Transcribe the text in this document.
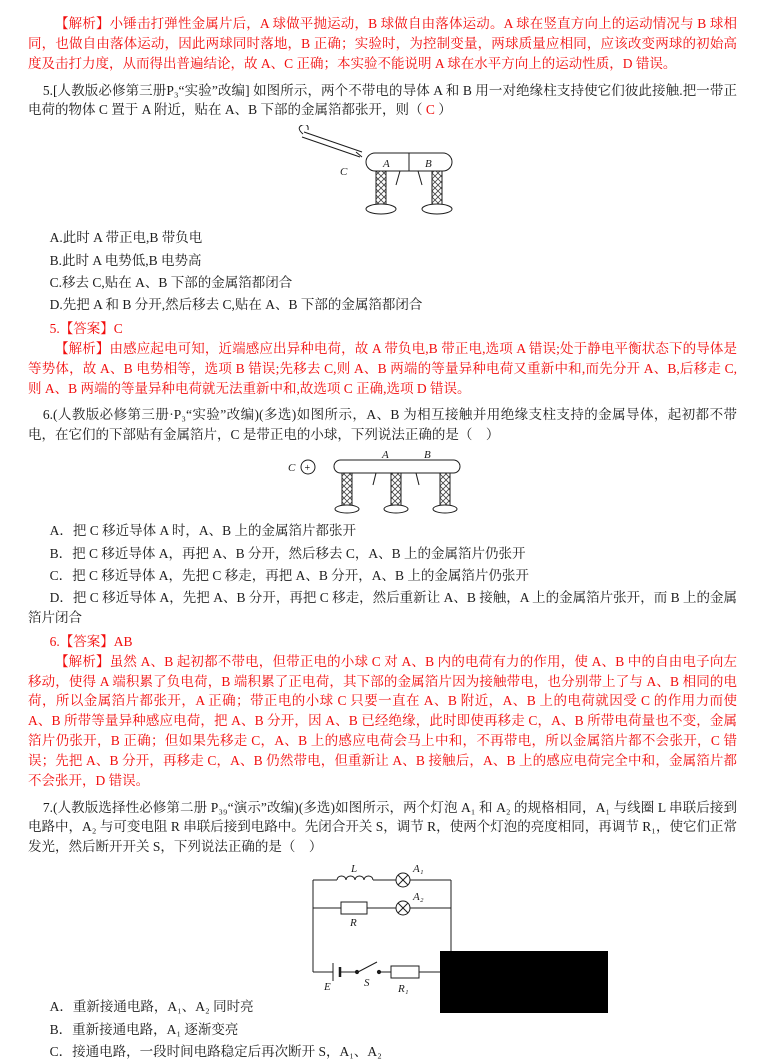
【解析】小锤击打弹性金属片后，A 球做平抛运动，B 球做自由落体运动。A 球在竖直方向上的运动情况与 B 球相同，也做自由落体运动，因此两球同时落地，B 正确；实验时，为控制变量，两球质量应相同，应该改变两球的初始高度及击打力度，从而得出普遍结论，故 A、C 正确；本实验不能说明 A 球在水平方向上的运动性质，D 错误。

5.[人教版必修第三册P₃“实验”改编] 如图所示，两个不带电的导体 A 和 B 用一对绝缘柱支持使它们彼此接触.把一带正电荷的物体 C 置于 A 附近，贴在 A、B 下部的金属箔都张开，则（ C ）

C
A	B

A.此时 A 带正电,B 带负电

B.此时 A 电势低,B 电势高

C.移去 C,贴在 A、B 下部的金属箔都闭合

D.先把 A 和 B 分开,然后移去 C,贴在 A、B 下部的金属箔都闭合

5.【答案】C

【解析】由感应起电可知，近端感应出异种电荷，故 A 带负电,B 带正电,选项 A 错误;处于静电平衡状态下的导体是等势体，故 A、B 电势相等，选项 B 错误;先移去 C,则 A、B 两端的等量异种电荷又重新中和,而先分开 A、B,后移走 C,则 A、B 两端的等量异种电荷就无法重新中和,故选项 C 正确,选项 D 错误。

6.(人教版必修第三册·P₃“实验”改编)(多选)如图所示，A、B 为相互接触并用绝缘支柱支持的金属导体，起初都不带电，在它们的下部贴有金属箔片，C 是带正电的小球，下列说法正确的是（　）

C +
A	B

A．把 C 移近导体 A 时，A、B 上的金属箔片都张开

B．把 C 移近导体 A，再把 A、B 分开，然后移去 C，A、B 上的金属箔片仍张开

C．把 C 移近导体 A，先把 C 移走，再把 A、B 分开，A、B 上的金属箔片仍张开

D．把 C 移近导体 A，先把 A、B 分开，再把 C 移走，然后重新让 A、B 接触，A 上的金属箔片张开，而 B 上的金属箔片闭合

6.【答案】AB

【解析】虽然 A、B 起初都不带电，但带正电的小球 C 对 A、B 内的电荷有力的作用，使 A、B 中的自由电子向左移动，使得 A 端积累了负电荷，B 端积累了正电荷，其下部的金属箔片因为接触带电，也分别带上了与 A、B 相同的电荷，所以金属箔片都张开，A 正确；带正电的小球 C 只要一直在 A、B 附近，A、B 上的电荷就因受 C 的作用力而使 A、B 所带等量异种感应电荷，把 A、B 分开，因 A、B 已经绝缘，此时即使再移走 C，A、B 所带电荷量也不变，金属箔片仍张开，B 正确；但如果先移走 C，A、B 上的感应电荷会马上中和，不再带电，所以金属箔片都不会张开，C 错误；先把 A、B 分开，再移走 C，A、B 仍然带电，但重新让 A、B 接触后，A、B 上的感应电荷完全中和，金属箔片都不会张开，D 错误。

7.(人教版选择性必修第二册 P₃₉“演示”改编)(多选)如图所示，两个灯泡 A₁ 和 A₂ 的规格相同，A₁ 与线圈 L 串联后接到电路中，A₂ 与可变电阻 R 串联后接到电路中。先闭合开关 S，调节 R，使两个灯泡的亮度相同，再调节 R₁，使它们正常发光，然后断开开关 S，下列说法正确的是（　）

L	A₁
A₂
R
E	S	R₁

A．重新接通电路，A₁、A₂ 同时亮

B．重新接通电路，A₁ 逐渐变亮

C．接通电路，一段时间电路稳定后再次断开 S，A₁、A₂
